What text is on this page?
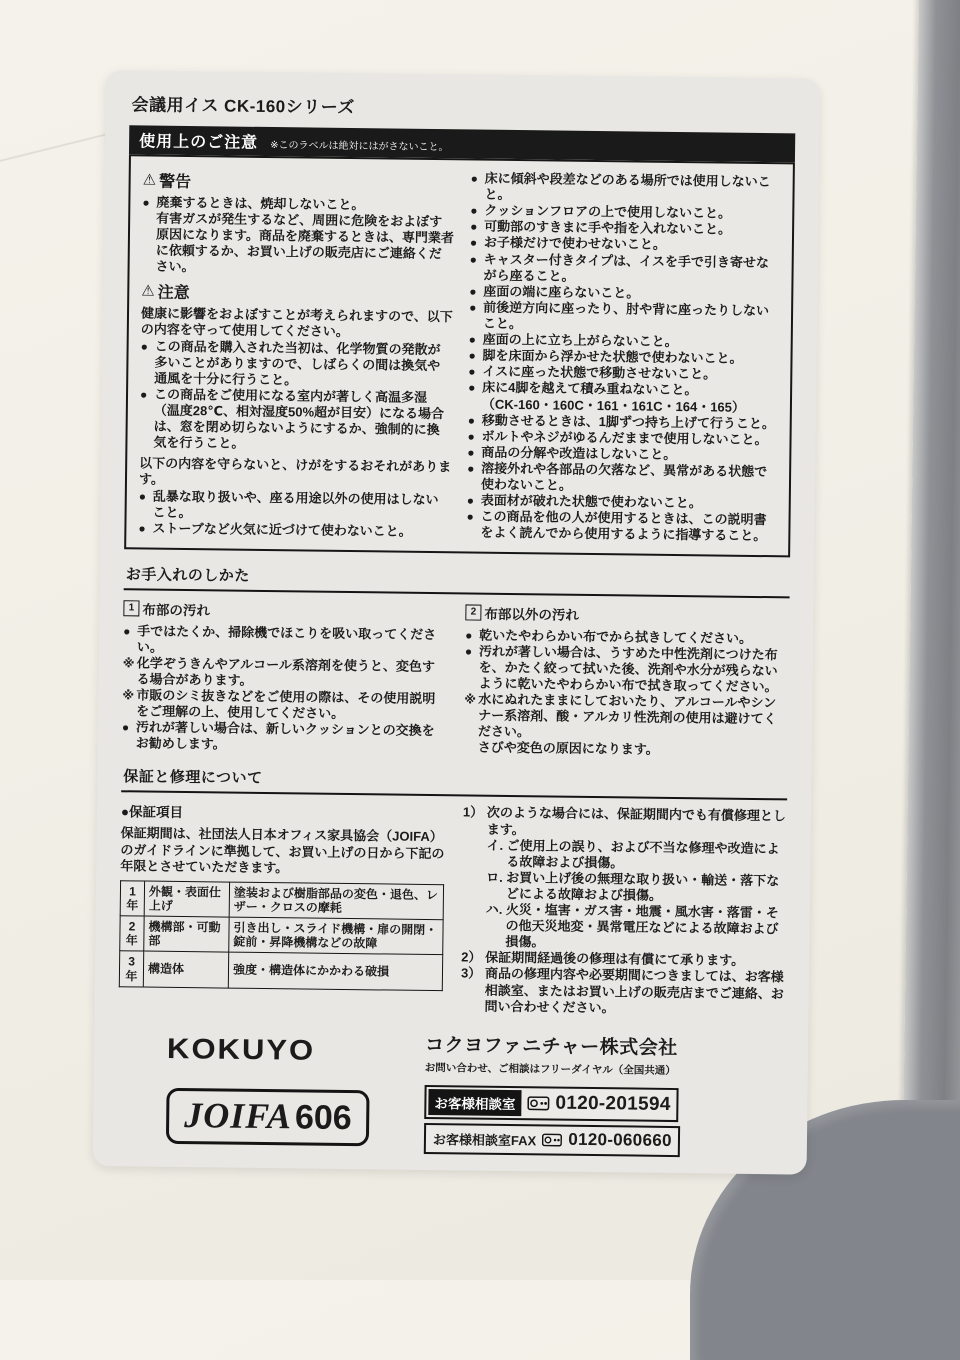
会議用イス CK-160シリーズ
使用上のご注意 ※このラベルは絶対にはがさないこと。
⚠ 警告
● 廃棄するときは、焼却しないこと。
有害ガスが発生するなど、周囲に危険をおよぼす原因になります。商品を廃棄するときは、専門業者に依頼するか、お買い上げの販売店にご連絡ください。
⚠ 注意
健康に影響をおよぼすことが考えられますので、以下の内容を守って使用してください。
● この商品を購入された当初は、化学物質の発散が多いことがありますので、しばらくの間は換気や通風を十分に行うこと。
● この商品をご使用になる室内が著しく高温多湿（温度28℃、相対湿度50%超が目安）になる場合は、窓を閉め切らないようにするか、強制的に換気を行うこと。
以下の内容を守らないと、けがをするおそれがあります。
● 乱暴な取り扱いや、座る用途以外の使用はしないこと。
● ストーブなど火気に近づけて使わないこと。
● 床に傾斜や段差などのある場所では使用しないこと。
● クッションフロアの上で使用しないこと。
● 可動部のすきまに手や指を入れないこと。
● お子様だけで使わせないこと。
● キャスター付きタイプは、イスを手で引き寄せながら座ること。
● 座面の端に座らないこと。
● 前後逆方向に座ったり、肘や背に座ったりしないこと。
● 座面の上に立ち上がらないこと。
● 脚を床面から浮かせた状態で使わないこと。
● イスに座った状態で移動させないこと。
● 床に4脚を越えて積み重ねないこと。
（CK-160・160C・161・161C・164・165）
● 移動させるときは、1脚ずつ持ち上げて行うこと。
● ボルトやネジがゆるんだままで使用しないこと。
● 商品の分解や改造はしないこと。
● 溶接外れや各部品の欠落など、異常がある状態で使わないこと。
● 表面材が破れた状態で使わないこと。
● この商品を他の人が使用するときは、この説明書をよく読んでから使用するように指導すること。
お手入れのしかた
1 布部の汚れ
● 手ではたくか、掃除機でほこりを吸い取ってください。
※ 化学ぞうきんやアルコール系溶剤を使うと、変色する場合があります。
※ 市販のシミ抜きなどをご使用の際は、その使用説明をご理解の上、使用してください。
● 汚れが著しい場合は、新しいクッションとの交換をお勧めします。
2 布部以外の汚れ
● 乾いたやわらかい布でから拭きしてください。
● 汚れが著しい場合は、うすめた中性洗剤につけた布を、かたく絞って拭いた後、洗剤や水分が残らないように乾いたやわらかい布で拭き取ってください。
※ 水にぬれたままにしておいたり、アルコールやシンナー系溶剤、酸・アルカリ性洗剤の使用は避けてください。
さびや変色の原因になります。
保証と修理について
●保証項目
保証期間は、社団法人日本オフィス家具協会（JOIFA）のガイドラインに準拠して、お買い上げの日から下記の年限とさせていただきます。
1年	外観・表面仕上げ	塗装および樹脂部品の変色・退色、レザー・クロスの摩耗
2年	機構部・可動部	引き出し・スライド機構・扉の開閉・錠前・昇降機構などの故障
3年	構造体	強度・構造体にかかわる破損
1） 次のような場合には、保証期間内でも有償修理とします。
イ. ご使用上の誤り、および不当な修理や改造による故障および損傷。
ロ. お買い上げ後の無理な取り扱い・輸送・落下などによる故障および損傷。
ハ. 火災・塩害・ガス害・地震・風水害・落雷・その他天災地変・異常電圧などによる故障および損傷。
2） 保証期間経過後の修理は有償にて承ります。
3） 商品の修理内容や必要期間につきましては、お客様相談室、またはお買い上げの販売店までご連絡、お問い合わせください。
KOKUYO	コクヨファニチャー株式会社
お問い合わせ、ご相談はフリーダイヤル（全国共通）
JOIFA 606	お客様相談室	0120-201594
お客様相談室FAX 0120-060660
